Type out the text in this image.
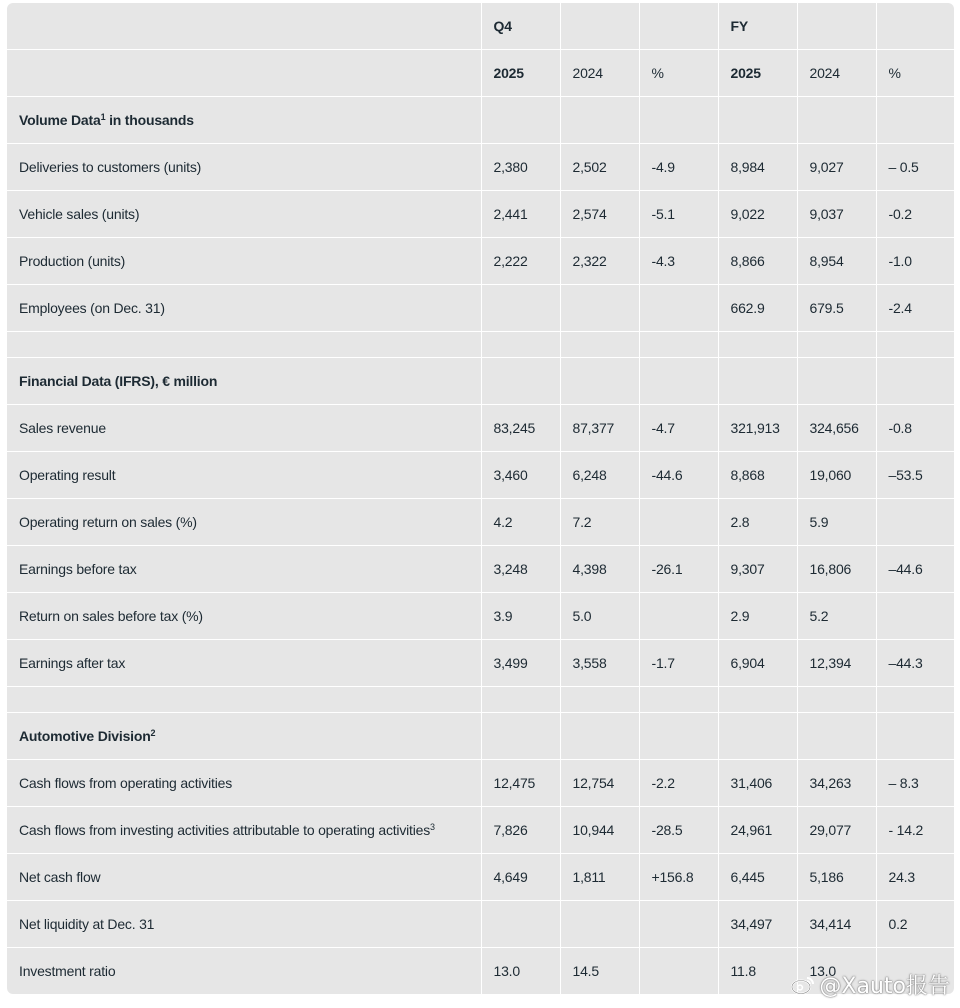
	Q4			FY		
	2025	2024	%	2025	2024	%
Volume Data$^1$ in thousands						
Deliveries to customers (units)	2,380	2,502	-4.9	8,984	9,027	– 0.5
Vehicle sales (units)	2,441	2,574	-5.1	9,022	9,037	-0.2
Production (units)	2,222	2,322	-4.3	8,866	8,954	-1.0
Employees (on Dec. 31)				662.9	679.5	-2.4

Financial Data (IFRS), € million						
Sales revenue	83,245	87,377	-4.7	321,913	324,656	-0.8
Operating result	3,460	6,248	-44.6	8,868	19,060	–53.5
Operating return on sales (%)	4.2	7.2		2.8	5.9	
Earnings before tax	3,248	4,398	-26.1	9,307	16,806	–44.6
Return on sales before tax (%)	3.9	5.0		2.9	5.2	
Earnings after tax	3,499	3,558	-1.7	6,904	12,394	–44.3

Automotive Division$^2$						
Cash flows from operating activities	12,475	12,754	-2.2	31,406	34,263	– 8.3
Cash flows from investing activities attributable to operating activities$^3$	7,826	10,944	-28.5	24,961	29,077	- 14.2
Net cash flow	4,649	1,811	+156.8	6,445	5,186	24.3
Net liquidity at Dec. 31				34,497	34,414	0.2
Investment ratio	13.0	14.5		11.8	13.0	
@Xauto报告
